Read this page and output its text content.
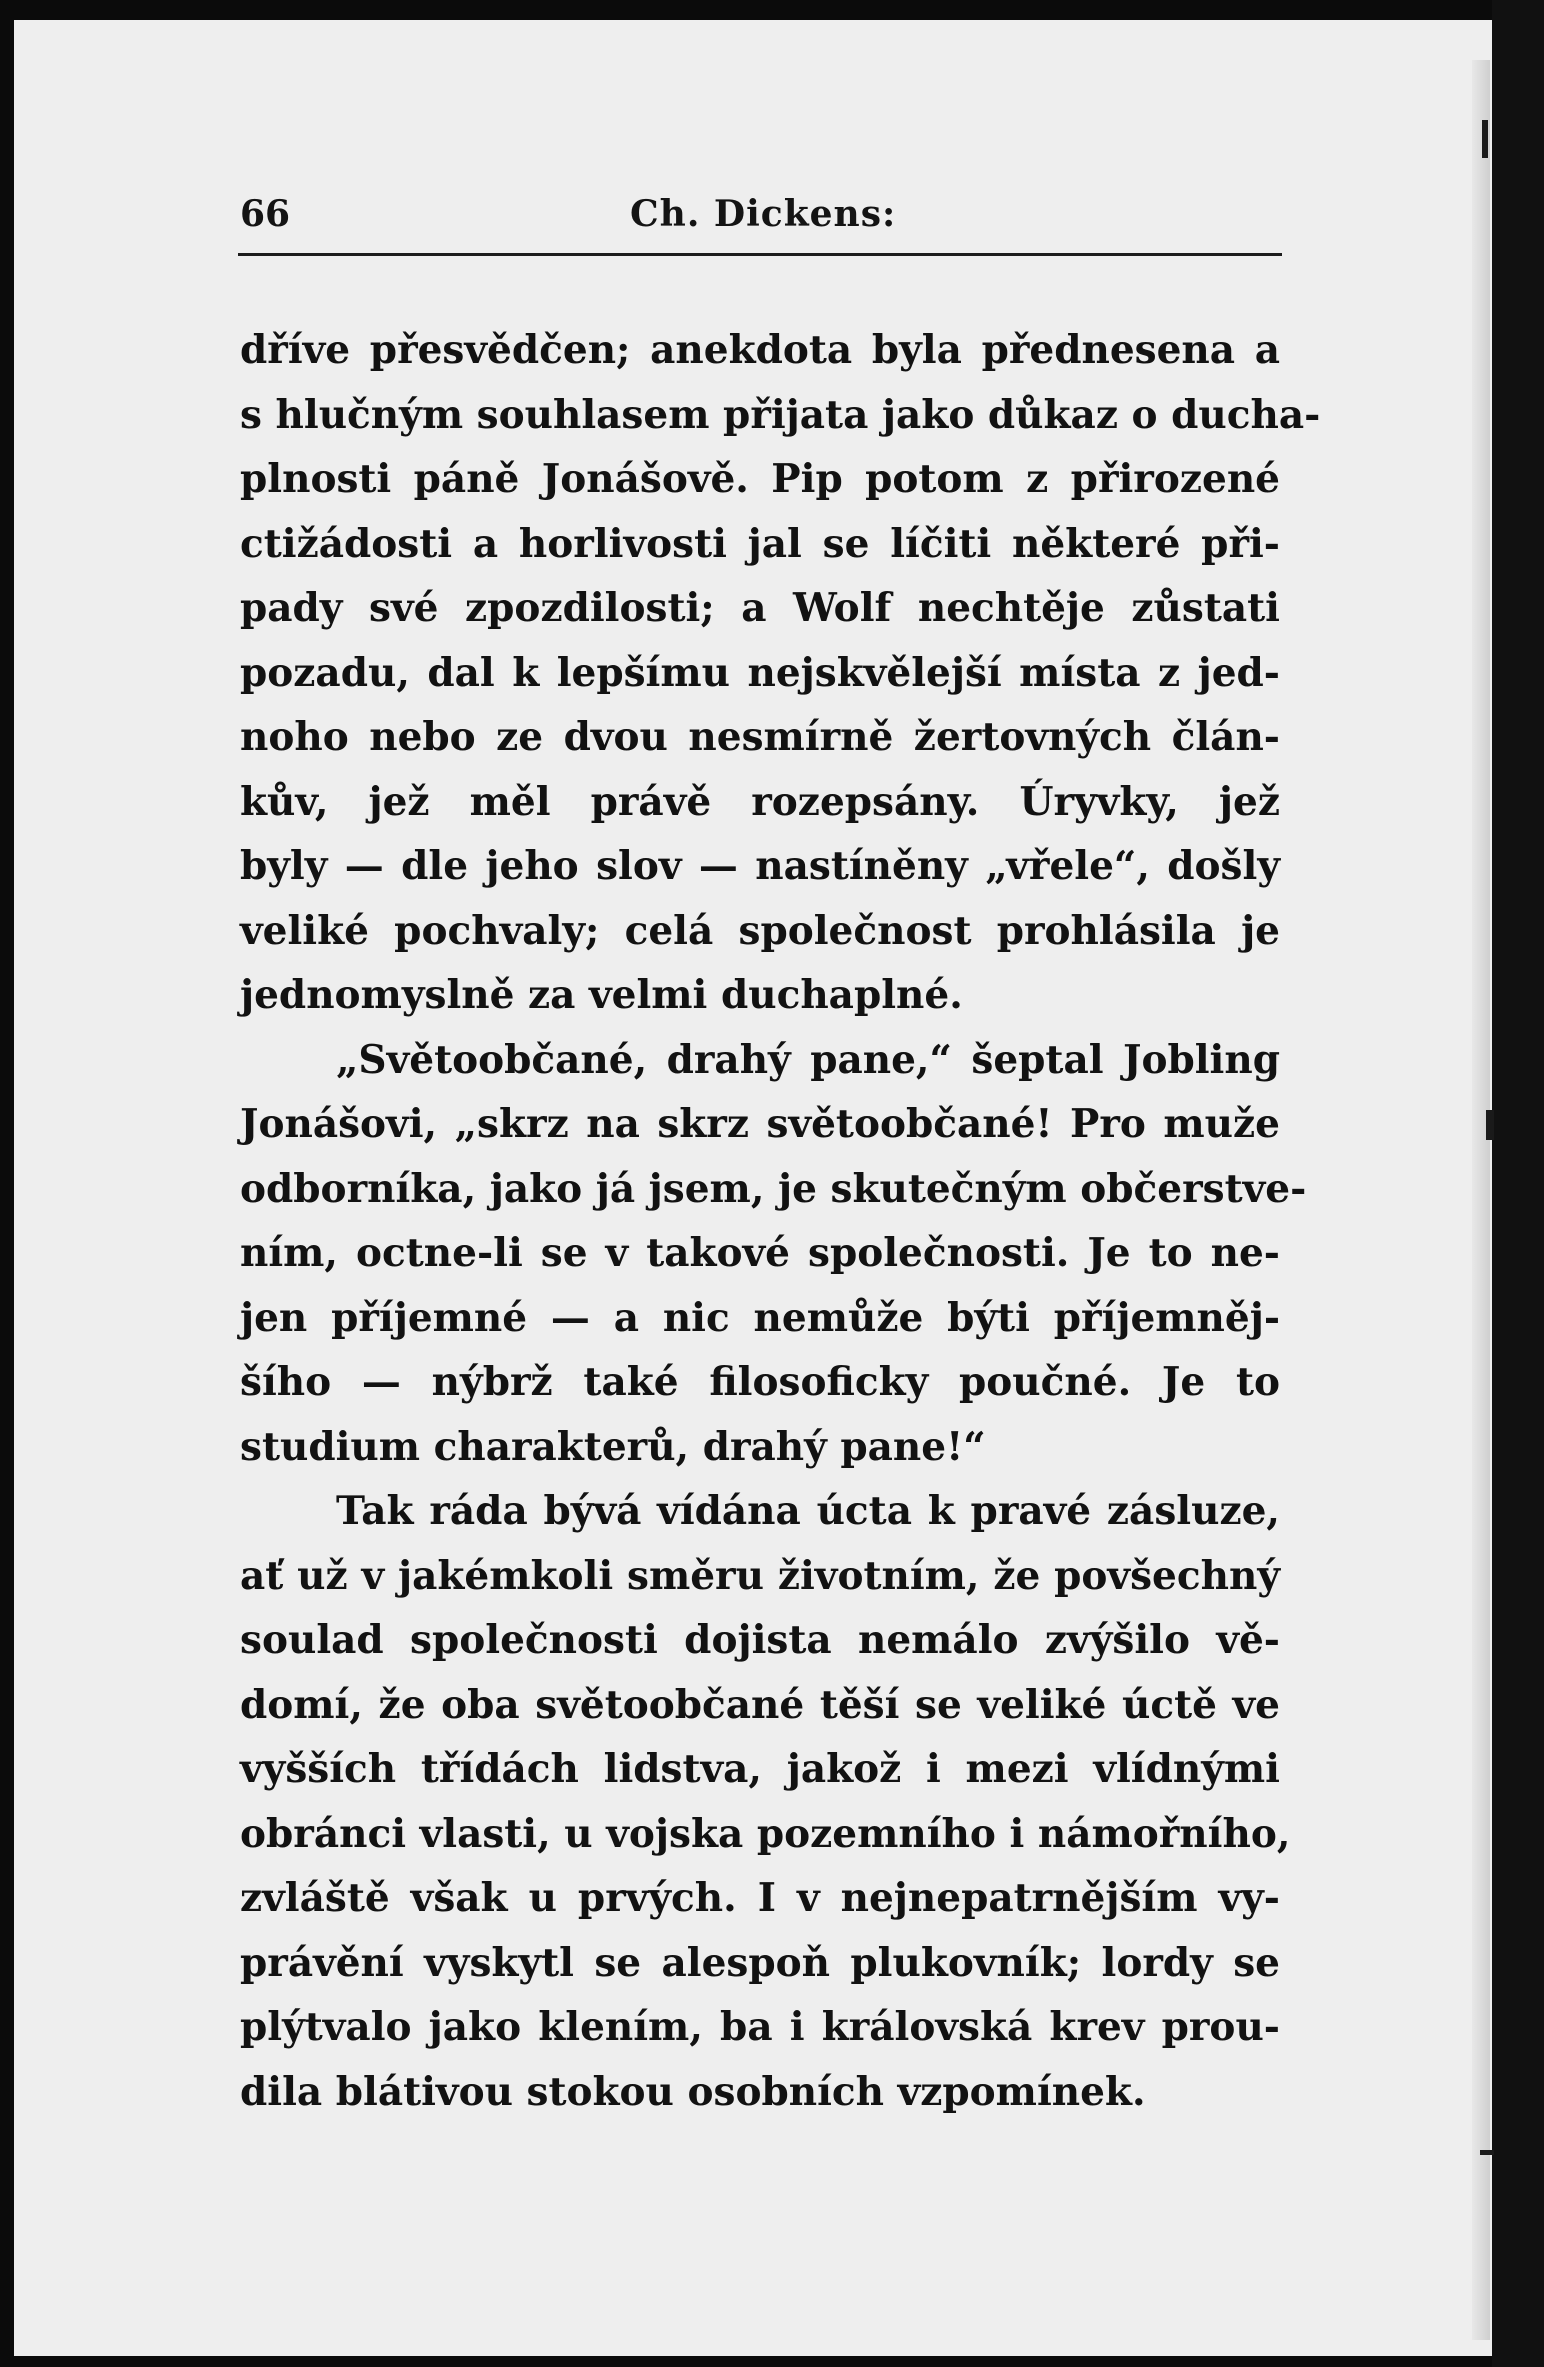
66	Ch. Dickens:
dříve přesvědčen; anekdota byla přednesena a
s hlučným souhlasem přijata jako důkaz o ducha-
plnosti páně Jonášově. Pip potom z přirozené
ctižádosti a horlivosti jal se líčiti některé při-
pady své zpozdilosti; a Wolf nechtěje zůstati
pozadu, dal k lepšímu nejskvělejší místa z jed-
noho nebo ze dvou nesmírně žertovných člán-
kův, jež měl právě rozepsány. Úryvky, jež
byly — dle jeho slov — nastíněny „vřele“, došly
veliké pochvaly; celá společnost prohlásila je
jednomyslně za velmi duchaplné.
„Světoobčané, drahý pane,“ šeptal Jobling
Jonášovi, „skrz na skrz světoobčané! Pro muže
odborníka, jako já jsem, je skutečným občerstve-
ním, octne-li se v takové společnosti. Je to ne-
jen příjemné — a nic nemůže býti příjemněj-
šího — nýbrž také filosoficky poučné. Je to
studium charakterů, drahý pane!“
Tak ráda bývá vídána úcta k pravé zásluze,
ať už v jakémkoli směru životním, že povšechný
soulad společnosti dojista nemálo zvýšilo vě-
domí, že oba světoobčané těší se veliké úctě ve
vyšších třídách lidstva, jakož i mezi vlídnými
obránci vlasti, u vojska pozemního i námořního,
zvláště však u prvých. I v nejnepatrnějším vy-
právění vyskytl se alespoň plukovník; lordy se
plýtvalo jako klením, ba i královská krev prou-
dila blátivou stokou osobních vzpomínek.
